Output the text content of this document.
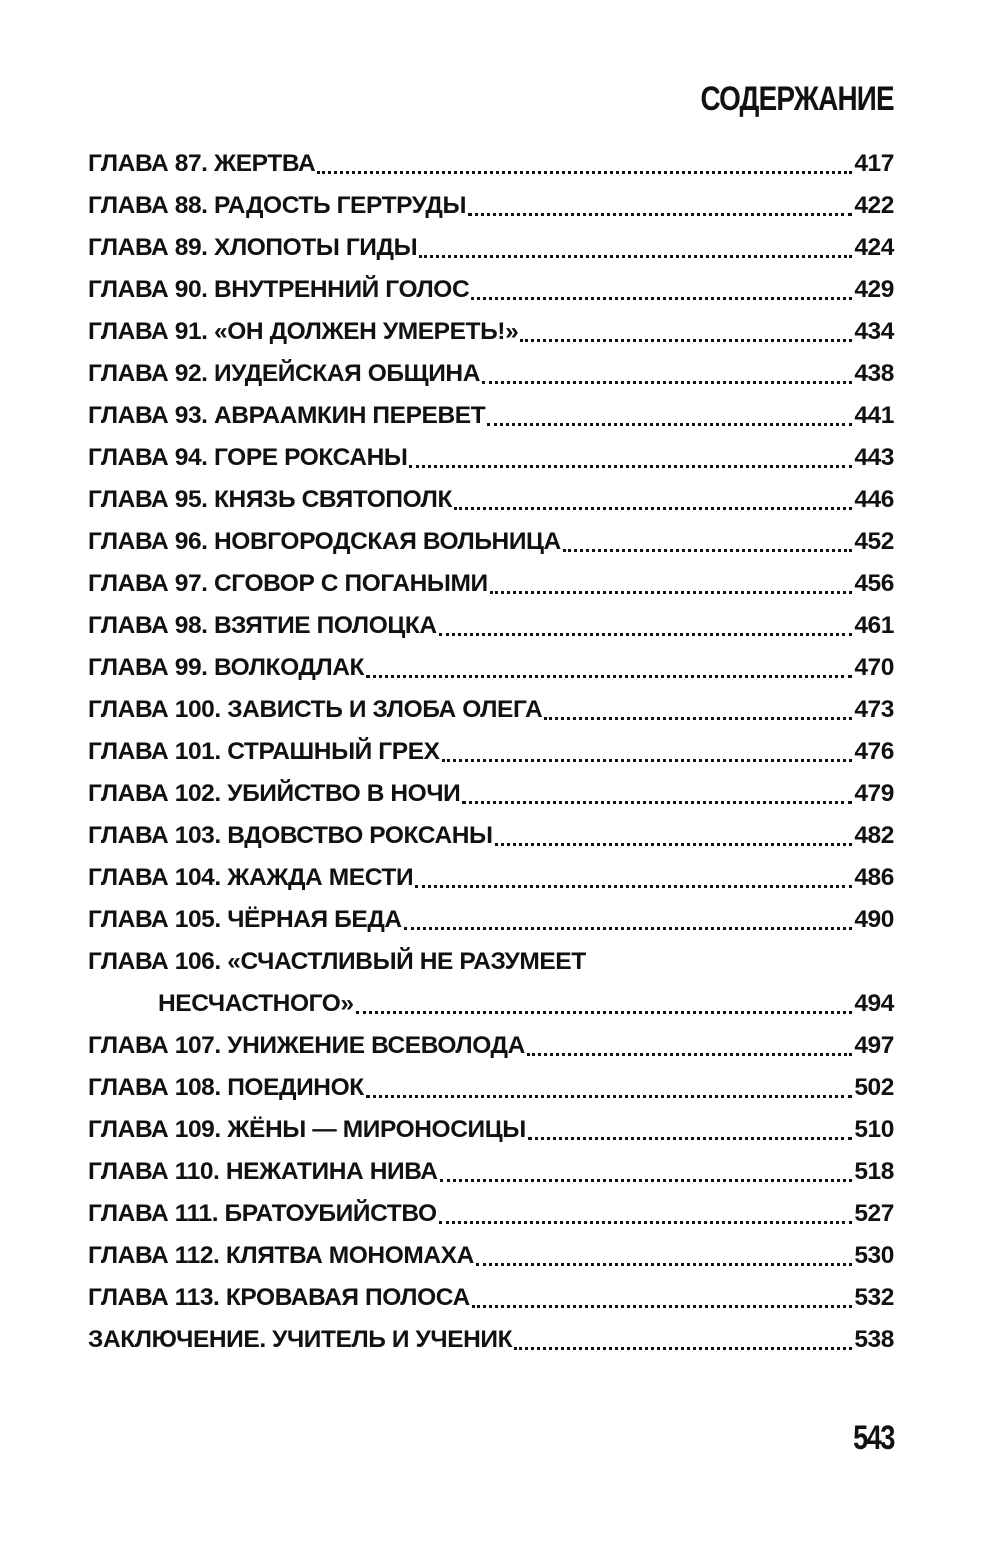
СОДЕРЖАНИЕ
ГЛАВА 87. ЖЕРТВА	417
ГЛАВА 88. РАДОСТЬ ГЕРТРУДЫ	422
ГЛАВА 89. ХЛОПОТЫ ГИДЫ	424
ГЛАВА 90. ВНУТРЕННИЙ ГОЛОС	429
ГЛАВА 91. «ОН ДОЛЖЕН УМЕРЕТЬ!»	434
ГЛАВА 92. ИУДЕЙСКАЯ ОБЩИНА	438
ГЛАВА 93. АВРААМКИН ПЕРЕВЕТ	441
ГЛАВА 94. ГОРЕ РОКСАНЫ	443
ГЛАВА 95. КНЯЗЬ СВЯТОПОЛК	446
ГЛАВА 96. НОВГОРОДСКАЯ ВОЛЬНИЦА	452
ГЛАВА 97. СГОВОР С ПОГАНЫМИ	456
ГЛАВА 98. ВЗЯТИЕ ПОЛОЦКА	461
ГЛАВА 99. ВОЛКОДЛАК	470
ГЛАВА 100. ЗАВИСТЬ И ЗЛОБА ОЛЕГА	473
ГЛАВА 101. СТРАШНЫЙ ГРЕХ	476
ГЛАВА 102. УБИЙСТВО В НОЧИ	479
ГЛАВА 103. ВДОВСТВО РОКСАНЫ	482
ГЛАВА 104. ЖАЖДА МЕСТИ	486
ГЛАВА 105. ЧЁРНАЯ БЕДА	490
ГЛАВА 106. «СЧАСТЛИВЫЙ НЕ РАЗУМЕЕТ
НЕСЧАСТНОГО»	494
ГЛАВА 107. УНИЖЕНИЕ ВСЕВОЛОДА	497
ГЛАВА 108. ПОЕДИНОК	502
ГЛАВА 109. ЖЁНЫ — МИРОНОСИЦЫ	510
ГЛАВА 110. НЕЖАТИНА НИВА	518
ГЛАВА 111. БРАТОУБИЙСТВО	527
ГЛАВА 112. КЛЯТВА МОНОМАХА	530
ГЛАВА 113. КРОВАВАЯ ПОЛОСА	532
ЗАКЛЮЧЕНИЕ. УЧИТЕЛЬ И УЧЕНИК	538
543
